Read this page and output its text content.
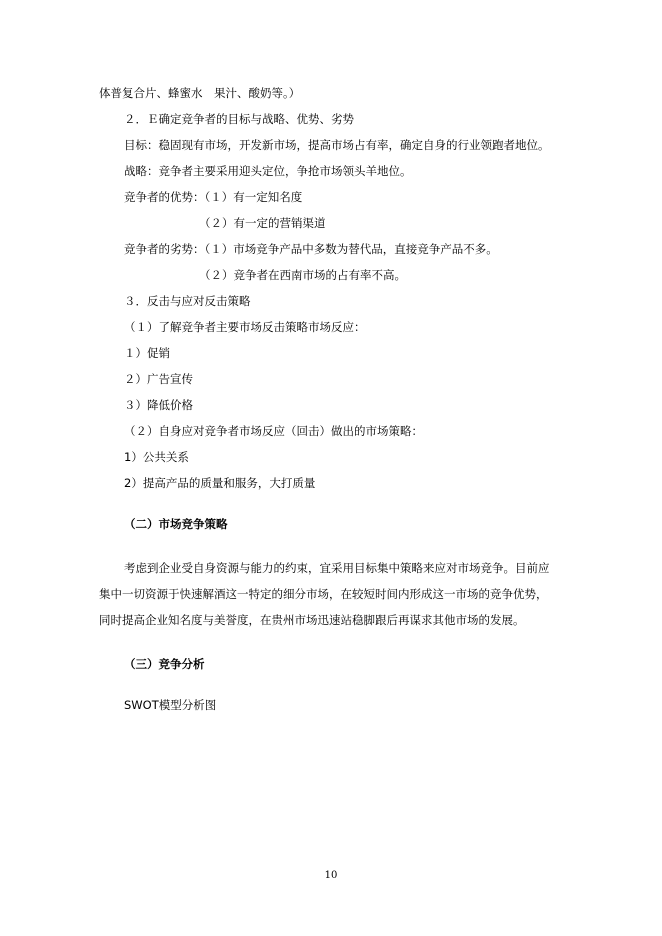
体普复合片、蜂蜜水　果汁、酸奶等。）
２．Ｅ确定竞争者的目标与战略、优势、劣势
目标：稳固现有市场，开发新市场，提高市场占有率，确定自身的行业领跑者地位。
战略：竞争者主要采用迎头定位，争抢市场领头羊地位。
竞争者的优势：（１）有一定知名度
（２）有一定的营销渠道
竞争者的劣势：（１）市场竞争产品中多数为替代品，直接竞争产品不多。
（２）竞争者在西南市场的占有率不高。
３．反击与应对反击策略
（１）了解竞争者主要市场反击策略市场反应：
１）促销
２）广告宣传
３）降低价格
（２）自身应对竞争者市场反应（回击）做出的市场策略：
1）公共关系
2）提高产品的质量和服务，大打质量
（二）市场竞争策略
考虑到企业受自身资源与能力的约束，宜采用目标集中策略来应对市场竞争。目前应
集中一切资源于快速解酒这一特定的细分市场，在较短时间内形成这一市场的竞争优势，
同时提高企业知名度与美誉度，在贵州市场迅速站稳脚跟后再谋求其他市场的发展。
（三）竞争分析
SWOT模型分析图
10
